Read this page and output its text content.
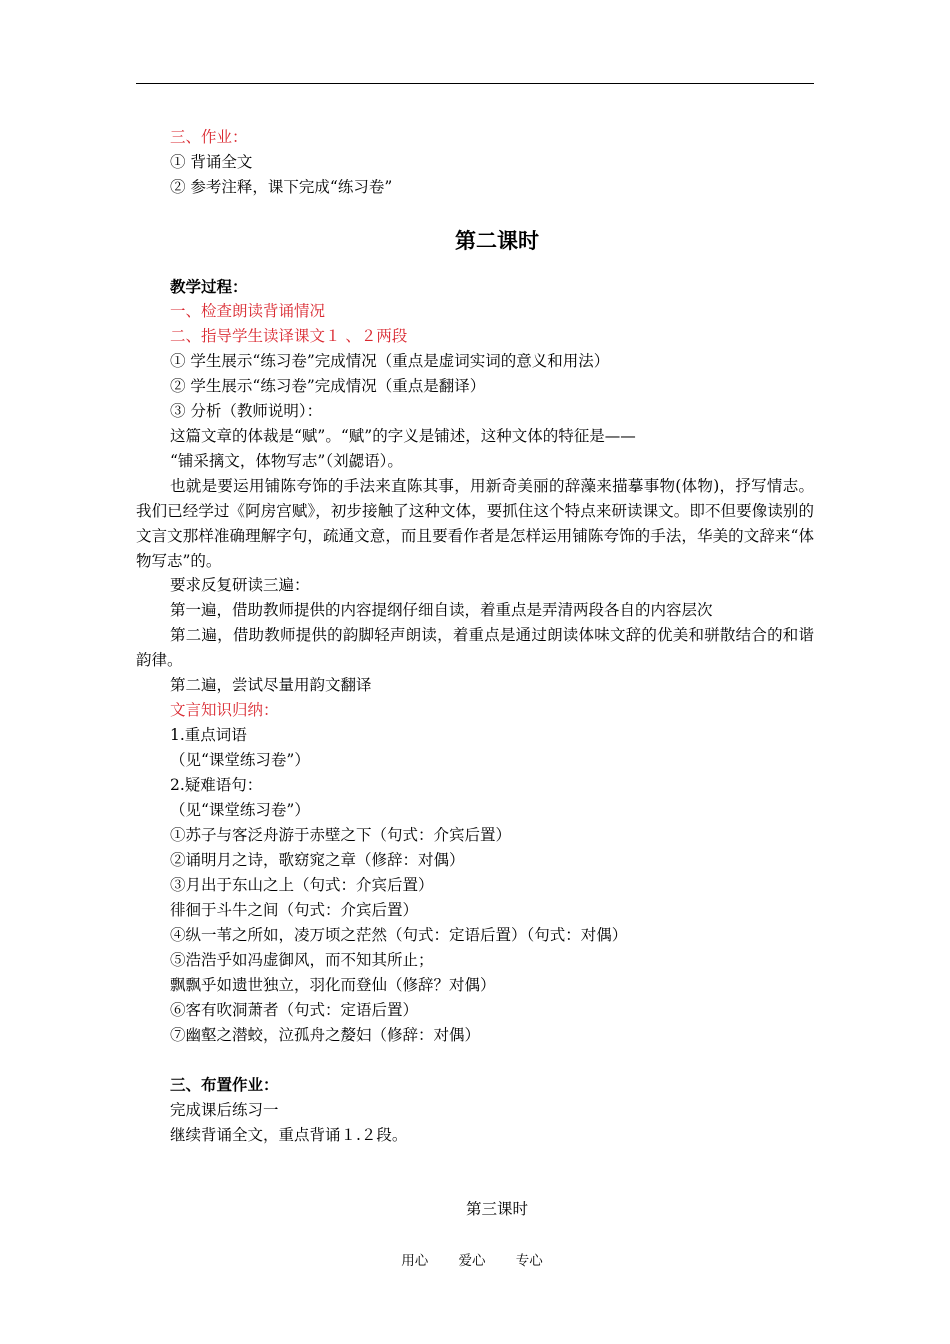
三、作业：
① 背诵全文
② 参考注释，课下完成“练习卷”
第二课时
教学过程：
一、检查朗读背诵情况
二、指导学生读译课文１ 、２两段
① 学生展示“练习卷”完成情况（重点是虚词实词的意义和用法）
② 学生展示“练习卷”完成情况（重点是翻译）
③ 分析（教师说明）：
这篇文章的体裁是“赋”。“赋”的字义是铺述，这种文体的特征是——
“铺采摛文，体物写志”（刘勰语）。
也就是要运用铺陈夸饰的手法来直陈其事，用新奇美丽的辞藻来描摹事物(体物)，抒写情志。我们已经学过《阿房宫赋》，初步接触了这种文体，要抓住这个特点来研读课文。即不但要像读别的文言文那样准确理解字句，疏通文意，而且要看作者是怎样运用铺陈夸饰的手法，华美的文辞来“体物写志”的。
要求反复研读三遍：
第一遍，借助教师提供的内容提纲仔细自读，着重点是弄清两段各自的内容层次
第二遍，借助教师提供的韵脚轻声朗读，着重点是通过朗读体味文辞的优美和骈散结合的和谐韵律。
第二遍，尝试尽量用韵文翻译
文言知识归纳：
1.重点词语
（见“课堂练习卷”）
2.疑难语句：
（见“课堂练习卷”）
①苏子与客泛舟游于赤壁之下（句式：介宾后置）
②诵明月之诗，歌窈窕之章（修辞：对偶）
③月出于东山之上（句式：介宾后置）
徘徊于斗牛之间（句式：介宾后置）
④纵一苇之所如，凌万顷之茫然（句式：定语后置）（句式：对偶）
⑤浩浩乎如冯虚御风，而不知其所止；
飘飘乎如遗世独立，羽化而登仙（修辞？对偶）
⑥客有吹洞萧者（句式：定语后置）
⑦幽壑之潜蛟，泣孤舟之嫠妇（修辞：对偶）
三、布置作业：
完成课后练习一
继续背诵全文，重点背诵１.２段。
第三课时
用心 爱心 专心
